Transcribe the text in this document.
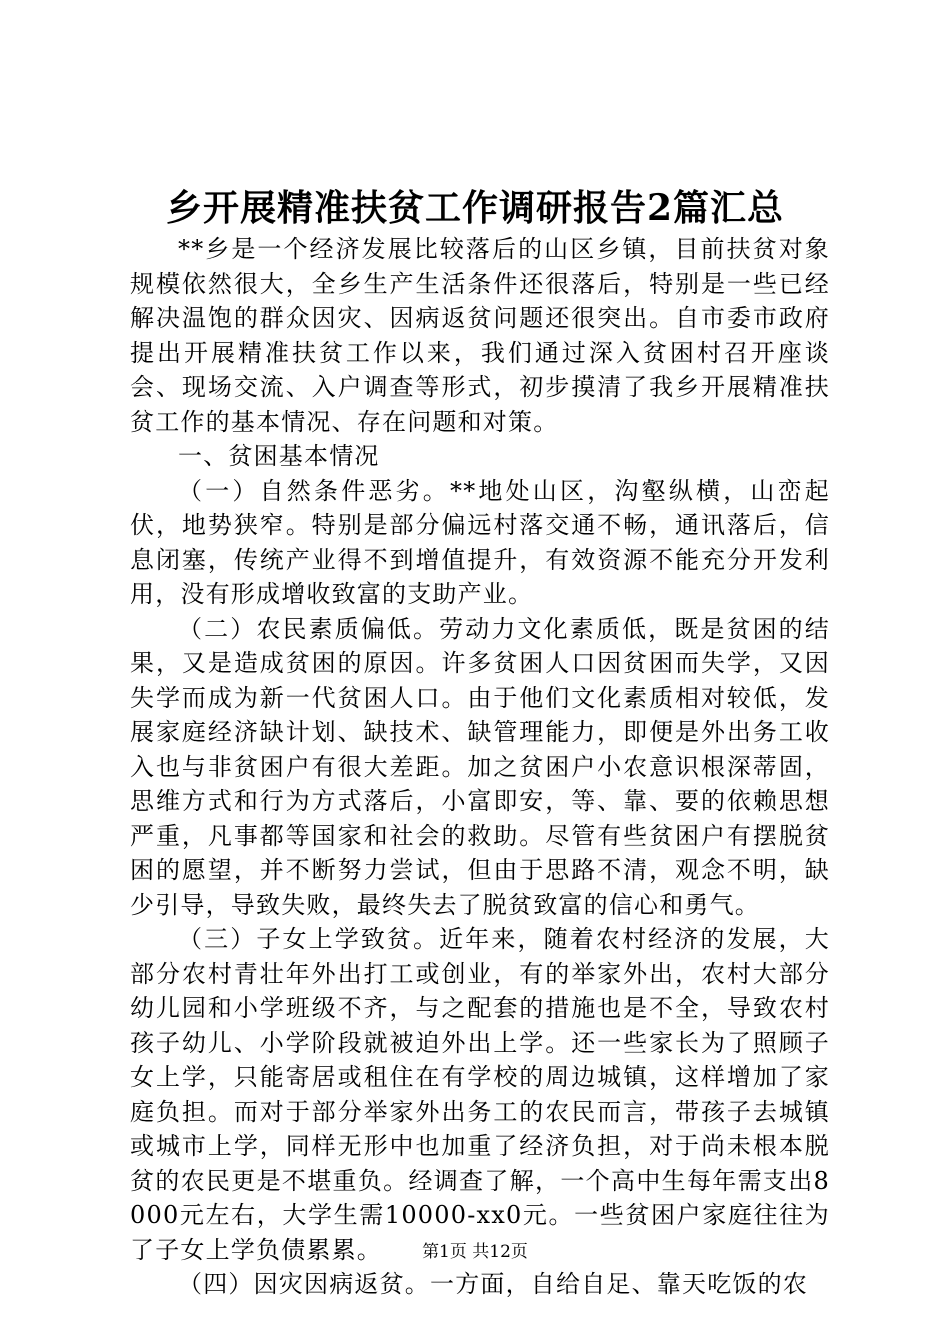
乡开展精准扶贫工作调研报告2篇汇总

**乡是一个经济发展比较落后的山区乡镇，目前扶贫对象规模依然很大，全乡生产生活条件还很落后，特别是一些已经解决温饱的群众因灾、因病返贫问题还很突出。自市委市政府提出开展精准扶贫工作以来，我们通过深入贫困村召开座谈会、现场交流、入户调查等形式，初步摸清了我乡开展精准扶贫工作的基本情况、存在问题和对策。

一、贫困基本情况

（一）自然条件恶劣。**地处山区，沟壑纵横，山峦起伏，地势狭窄。特别是部分偏远村落交通不畅，通讯落后，信息闭塞，传统产业得不到增值提升，有效资源不能充分开发利用，没有形成增收致富的支助产业。

（二）农民素质偏低。劳动力文化素质低，既是贫困的结果，又是造成贫困的原因。许多贫困人口因贫困而失学，又因失学而成为新一代贫困人口。由于他们文化素质相对较低，发展家庭经济缺计划、缺技术、缺管理能力，即便是外出务工收入也与非贫困户有很大差距。加之贫困户小农意识根深蒂固，思维方式和行为方式落后，小富即安，等、靠、要的依赖思想严重，凡事都等国家和社会的救助。尽管有些贫困户有摆脱贫困的愿望，并不断努力尝试，但由于思路不清，观念不明，缺少引导，导致失败，最终失去了脱贫致富的信心和勇气。

（三）子女上学致贫。近年来，随着农村经济的发展，大部分农村青壮年外出打工或创业，有的举家外出，农村大部分幼儿园和小学班级不齐，与之配套的措施也是不全，导致农村孩子幼儿、小学阶段就被迫外出上学。还一些家长为了照顾子女上学，只能寄居或租住在有学校的周边城镇，这样增加了家庭负担。而对于部分举家外出务工的农民而言，带孩子去城镇或城市上学，同样无形中也加重了经济负担，对于尚未根本脱贫的农民更是不堪重负。经调查了解，一个高中生每年需支出8000元左右，大学生需10000-xx0元。一些贫困户家庭往往为了子女上学负债累累。

（四）因灾因病返贫。一方面，自给自足、靠天吃饭的农

第1页 共12页
